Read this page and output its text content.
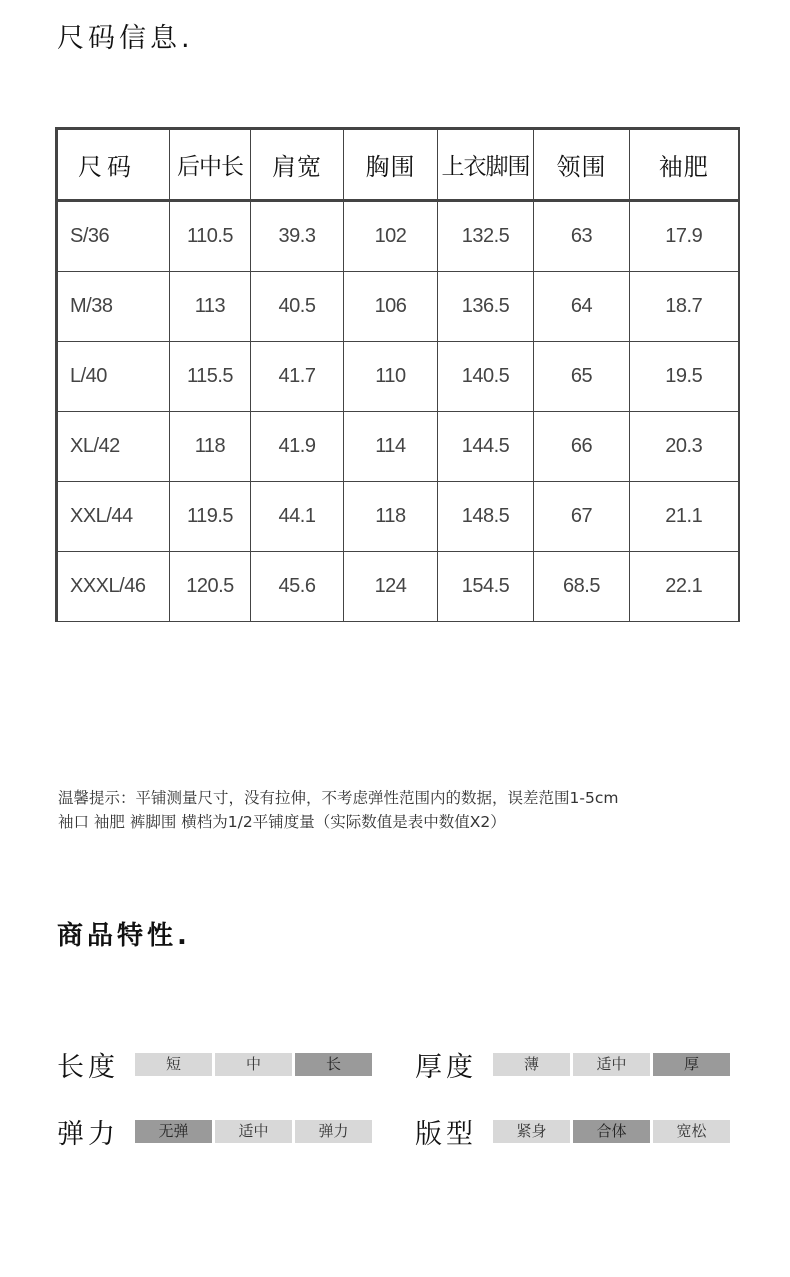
尺码信息.
尺码	后中长	肩宽	胸围	上衣脚围	领围	袖肥
S/36	110.5	39.3	102	132.5	63	17.9
M/38	113	40.5	106	136.5	64	18.7
L/40	115.5	41.7	110	140.5	65	19.5
XL/42	118	41.9	114	144.5	66	20.3
XXL/44	119.5	44.1	118	148.5	67	21.1
XXXL/46	120.5	45.6	124	154.5	68.5	22.1
温馨提示：平铺测量尺寸，没有拉伸，不考虑弹性范围内的数据，误差范围1-5cm
袖口 袖肥 裤脚围 横档为1/2平铺度量（实际数值是表中数值X2）
商品特性.
长度	短	中	长	厚度	薄	适中	厚
弹力	无弹	适中	弹力	版型	紧身	合体	宽松
